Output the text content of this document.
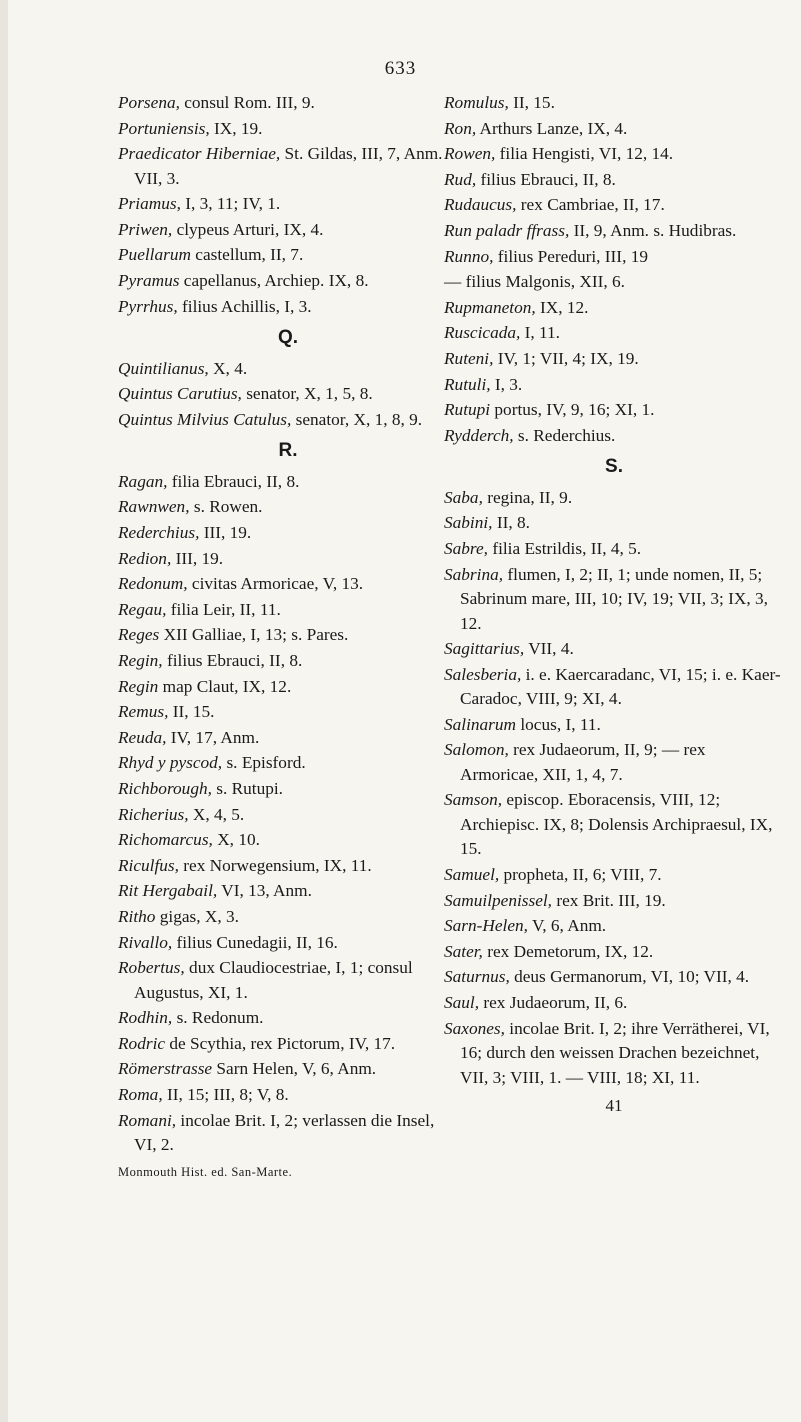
633
Porsena, consul Rom. III, 9.
Portuniensis, IX, 19.
Praedicator Hiberniae, St. Gildas, III, 7, Anm. VII, 3.
Priamus, I, 3, 11; IV, 1.
Priwen, clypeus Arturi, IX, 4.
Puellarum castellum, II, 7.
Pyramus capellanus, Archiep. IX, 8.
Pyrrhus, filius Achillis, I, 3.
Q.
Quintilianus, X, 4.
Quintus Carutius, senator, X, 1, 5, 8.
Quintus Milvius Catulus, senator, X, 1, 8, 9.
R.
Ragan, filia Ebrauci, II, 8.
Rawnwen, s. Rowen.
Rederchius, III, 19.
Redion, III, 19.
Redonum, civitas Armoricae, V, 13.
Regau, filia Leir, II, 11.
Reges XII Galliae, I, 13; s. Pares.
Regin, filius Ebrauci, II, 8.
Regin map Claut, IX, 12.
Remus, II, 15.
Reuda, IV, 17, Anm.
Rhyd y pyscod, s. Episford.
Richborough, s. Rutupi.
Richerius, X, 4, 5.
Richomarcus, X, 10.
Riculfus, rex Norwegensium, IX, 11.
Rit Hergabail, VI, 13, Anm.
Ritho gigas, X, 3.
Rivallo, filius Cunedagii, II, 16.
Robertus, dux Claudiocestriae, I, 1; consul Augustus, XI, 1.
Rodhin, s. Redonum.
Rodric de Scythia, rex Pictorum, IV, 17.
Römerstrasse Sarn Helen, V, 6, Anm.
Roma, II, 15; III, 8; V, 8.
Romani, incolae Brit. I, 2; verlassen die Insel, VI, 2.
Monmouth Hist. ed. San-Marte.
Romulus, II, 15.
Ron, Arthurs Lanze, IX, 4.
Rowen, filia Hengisti, VI, 12, 14.
Rud, filius Ebrauci, II, 8.
Rudaucus, rex Cambriae, II, 17.
Run paladr ffrass, II, 9, Anm. s. Hudibras.
Runno, filius Pereduri, III, 19
— filius Malgonis, XII, 6.
Rupmaneton, IX, 12.
Ruscicada, I, 11.
Ruteni, IV, 1; VII, 4; IX, 19.
Rutuli, I, 3.
Rutupi portus, IV, 9, 16; XI, 1.
Rydderch, s. Rederchius.
S.
Saba, regina, II, 9.
Sabini, II, 8.
Sabre, filia Estrildis, II, 4, 5.
Sabrina, flumen, I, 2; II, 1; unde nomen, II, 5; Sabrinum mare, III, 10; IV, 19; VII, 3; IX, 3, 12.
Sagittarius, VII, 4.
Salesberia, i. e. Kaercaradanc, VI, 15; i. e. Kaer-Caradoc, VIII, 9; XI, 4.
Salinarum locus, I, 11.
Salomon, rex Judaeorum, II, 9; — rex Armoricae, XII, 1, 4, 7.
Samson, episcop. Eboracensis, VIII, 12; Archiepisc. IX, 8; Dolensis Archipraesul, IX, 15.
Samuel, propheta, II, 6; VIII, 7.
Samuilpenissel, rex Brit. III, 19.
Sarn-Helen, V, 6, Anm.
Sater, rex Demetorum, IX, 12.
Saturnus, deus Germanorum, VI, 10; VII, 4.
Saul, rex Judaeorum, II, 6.
Saxones, incolae Brit. I, 2; ihre Verrätherei, VI, 16; durch den weissen Drachen bezeichnet, VII, 3; VIII, 1. — VIII, 18; XI, 11.
41
